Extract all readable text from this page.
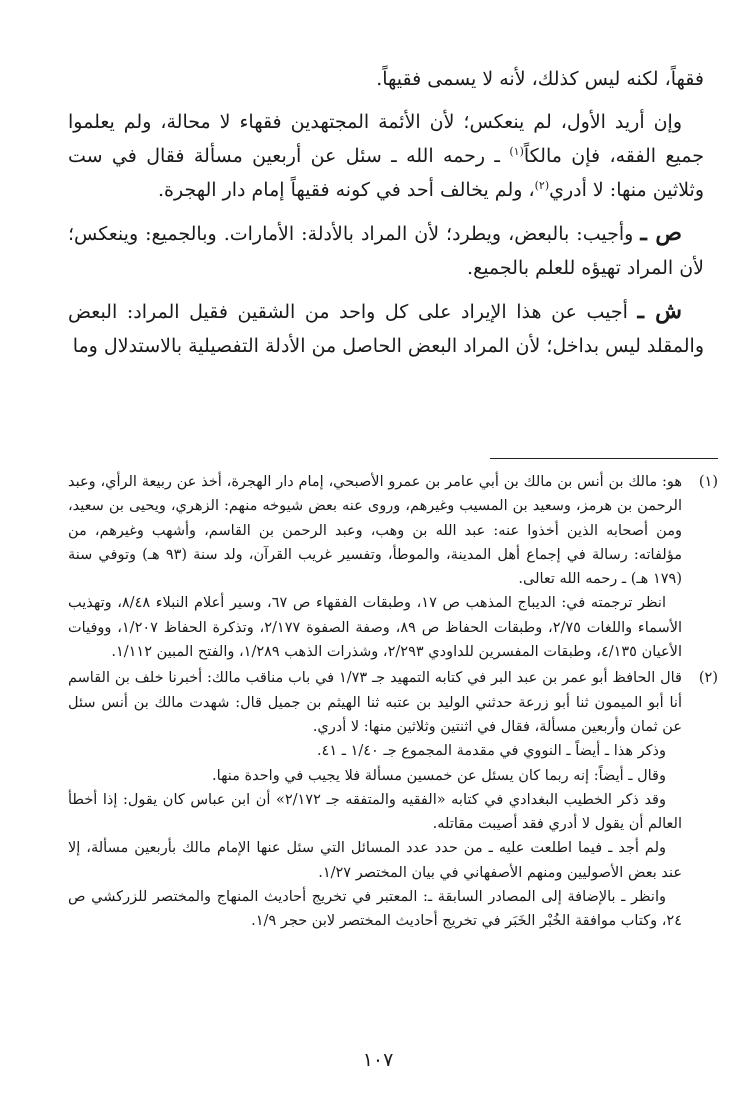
فقهاً، لكنه ليس كذلك، لأنه لا يسمى فقيهاً.

وإن أريد الأول، لم ينعكس؛ لأن الأئمة المجتهدين فقهاء لا محالة، ولم يعلموا جميع الفقه، فإن مالكاً$^{(١)}$ ـ رحمه الله ـ سئل عن أربعين مسألة فقال في ست وثلاثين منها: لا أدري$^{(٢)}$، ولم يخالف أحد في كونه فقيهاً إمام دار الهجرة.

ص ـ وأجيب: بالبعض، ويطرد؛ لأن المراد بالأدلة: الأمارات. وبالجميع: وينعكس؛ لأن المراد تهيؤه للعلم بالجميع.

ش ـ أجيب عن هذا الإيراد على كل واحد من الشقين فقيل المراد: البعض والمقلد ليس بداخل؛ لأن المراد البعض الحاصل من الأدلة التفصيلية بالاستدلال وما

(١)

هو: مالك بن أنس بن مالك بن أبي عامر بن عمرو الأصبحي، إمام دار الهجرة، أخذ عن ربيعة الرأي، وعبد الرحمن بن هرمز، وسعيد بن المسيب وغيرهم، وروى عنه بعض شيوخه منهم: الزهري، ويحيى بن سعيد، ومن أصحابه الذين أخذوا عنه: عبد الله بن وهب، وعبد الرحمن بن القاسم، وأشهب وغيرهم، من مؤلفاته: رسالة في إجماع أهل المدينة، والموطأ، وتفسير غريب القرآن، ولد سنة (٩٣ هـ) وتوفي سنة (١٧٩ هـ) ـ رحمه الله تعالى.

انظر ترجمته في: الديباج المذهب ص ١٧، وطبقات الفقهاء ص ٦٧، وسير أعلام النبلاء ٨/٤٨، وتهذيب الأسماء واللغات ٢/٧٥، وطبقات الحفاظ ص ٨٩، وصفة الصفوة ٢/١٧٧، وتذكرة الحفاظ ١/٢٠٧، ووفيات الأعيان ٤/١٣٥، وطبقات المفسرين للداودي ٢/٢٩٣، وشذرات الذهب ١/٢٨٩، والفتح المبين ١/١١٢.

(٢)

قال الحافظ أبو عمر بن عبد البر في كتابه التمهيد جـ ١/٧٣ في باب مناقب مالك: أخبرنا خلف بن القاسم أنا أبو الميمون ثنا أبو زرعة حدثني الوليد بن عتبه ثنا الهيثم بن جميل قال: شهدت مالك بن أنس سئل عن ثمان وأربعين مسألة، فقال في اثنتين وثلاثين منها: لا أدري.

وذكر هذا ـ أيضاً ـ النووي في مقدمة المجموع جـ ١/٤٠ ـ ٤١.

وقال ـ أيضاً: إنه ربما كان يسئل عن خمسين مسألة فلا يجيب في واحدة منها.

وقد ذكر الخطيب البغدادي في كتابه «الفقيه والمتفقه جـ ٢/١٧٢» أن ابن عباس كان يقول: إذا أخطأ العالم أن يقول لا أدري فقد أصيبت مقاتله.

ولم أجد ـ فيما اطلعت عليه ـ من حدد عدد المسائل التي سئل عنها الإمام مالك بأربعين مسألة، إلا عند بعض الأصوليين ومنهم الأصفهاني في بيان المختصر ١/٢٧.

وانظر ـ بالإضافة إلى المصادر السابقة ـ: المعتبر في تخريج أحاديث المنهاج والمختصر للزركشي ص ٢٤، وكتاب موافقة الخُبْر الخَبَر في تخريج أحاديث المختصر لابن حجر ١/٩.

١٠٧
